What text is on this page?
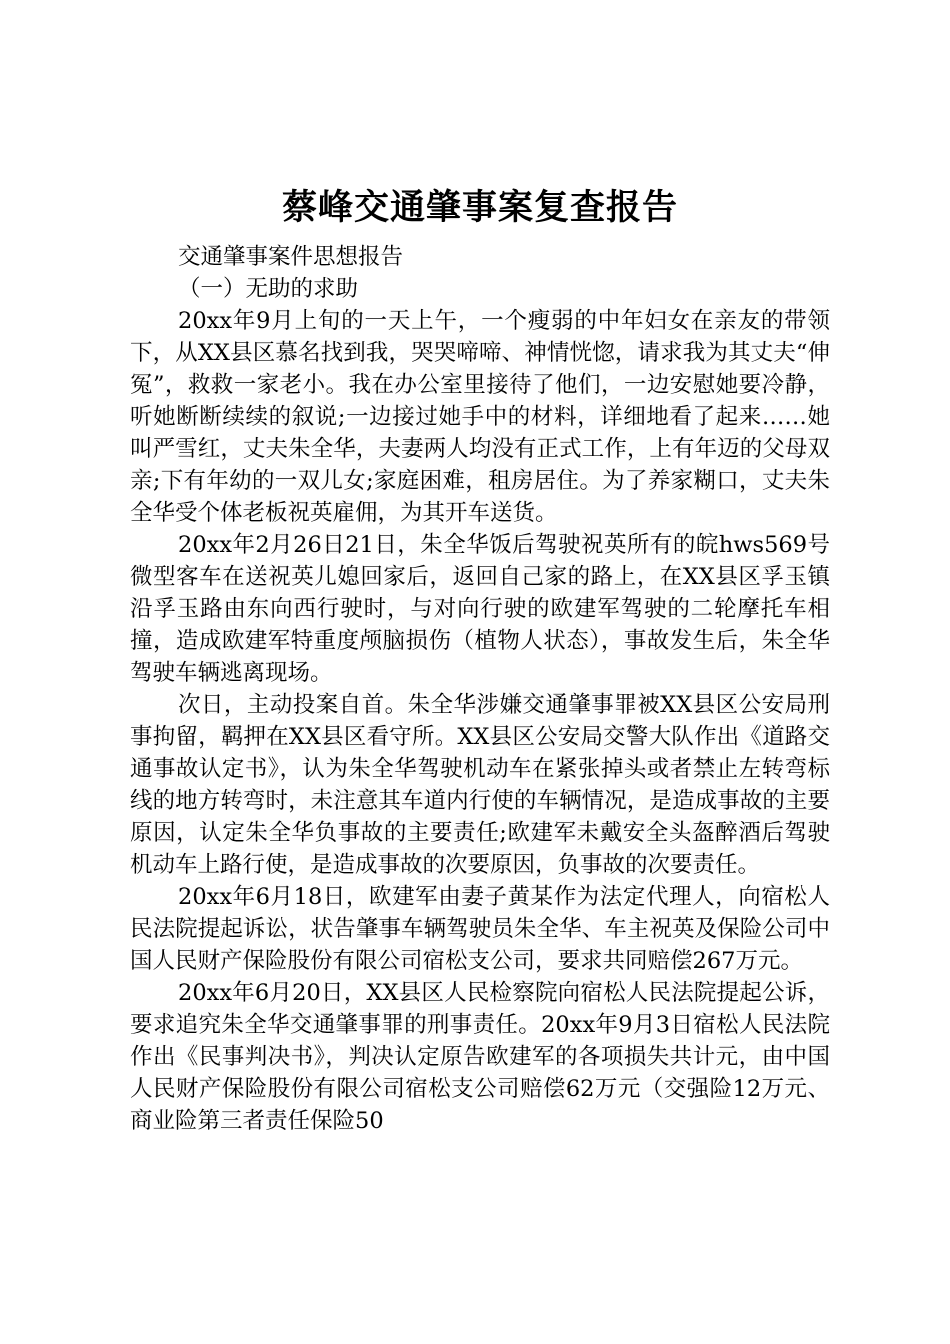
蔡峰交通肇事案复查报告

交通肇事案件思想报告

（一）无助的求助

20xx年9月上旬的一天上午，一个瘦弱的中年妇女在亲友的带领下，从XX县区慕名找到我，哭哭啼啼、神情恍惚，请求我为其丈夫“伸冤”，救救一家老小。我在办公室里接待了他们，一边安慰她要冷静，听她断断续续的叙说;一边接过她手中的材料，详细地看了起来……她叫严雪红，丈夫朱全华，夫妻两人均没有正式工作，上有年迈的父母双亲;下有年幼的一双儿女;家庭困难，租房居住。为了养家糊口，丈夫朱全华受个体老板祝英雇佣，为其开车送货。

20xx年2月26日21日，朱全华饭后驾驶祝英所有的皖hws569号微型客车在送祝英儿媳回家后，返回自己家的路上，在XX县区孚玉镇沿孚玉路由东向西行驶时，与对向行驶的欧建军驾驶的二轮摩托车相撞，造成欧建军特重度颅脑损伤（植物人状态），事故发生后，朱全华驾驶车辆逃离现场。

次日，主动投案自首。朱全华涉嫌交通肇事罪被XX县区公安局刑事拘留，羁押在XX县区看守所。XX县区公安局交警大队作出《道路交通事故认定书》，认为朱全华驾驶机动车在紧张掉头或者禁止左转弯标线的地方转弯时，未注意其车道内行使的车辆情况，是造成事故的主要原因，认定朱全华负事故的主要责任;欧建军未戴安全头盔醉酒后驾驶机动车上路行使，是造成事故的次要原因，负事故的次要责任。

20xx年6月18日，欧建军由妻子黄某作为法定代理人，向宿松人民法院提起诉讼，状告肇事车辆驾驶员朱全华、车主祝英及保险公司中国人民财产保险股份有限公司宿松支公司，要求共同赔偿267万元。

20xx年6月20日，XX县区人民检察院向宿松人民法院提起公诉，要求追究朱全华交通肇事罪的刑事责任。20xx年9月3日宿松人民法院作出《民事判决书》，判决认定原告欧建军的各项损失共计元，由中国人民财产保险股份有限公司宿松支公司赔偿62万元（交强险12万元、商业险第三者责任保险50
